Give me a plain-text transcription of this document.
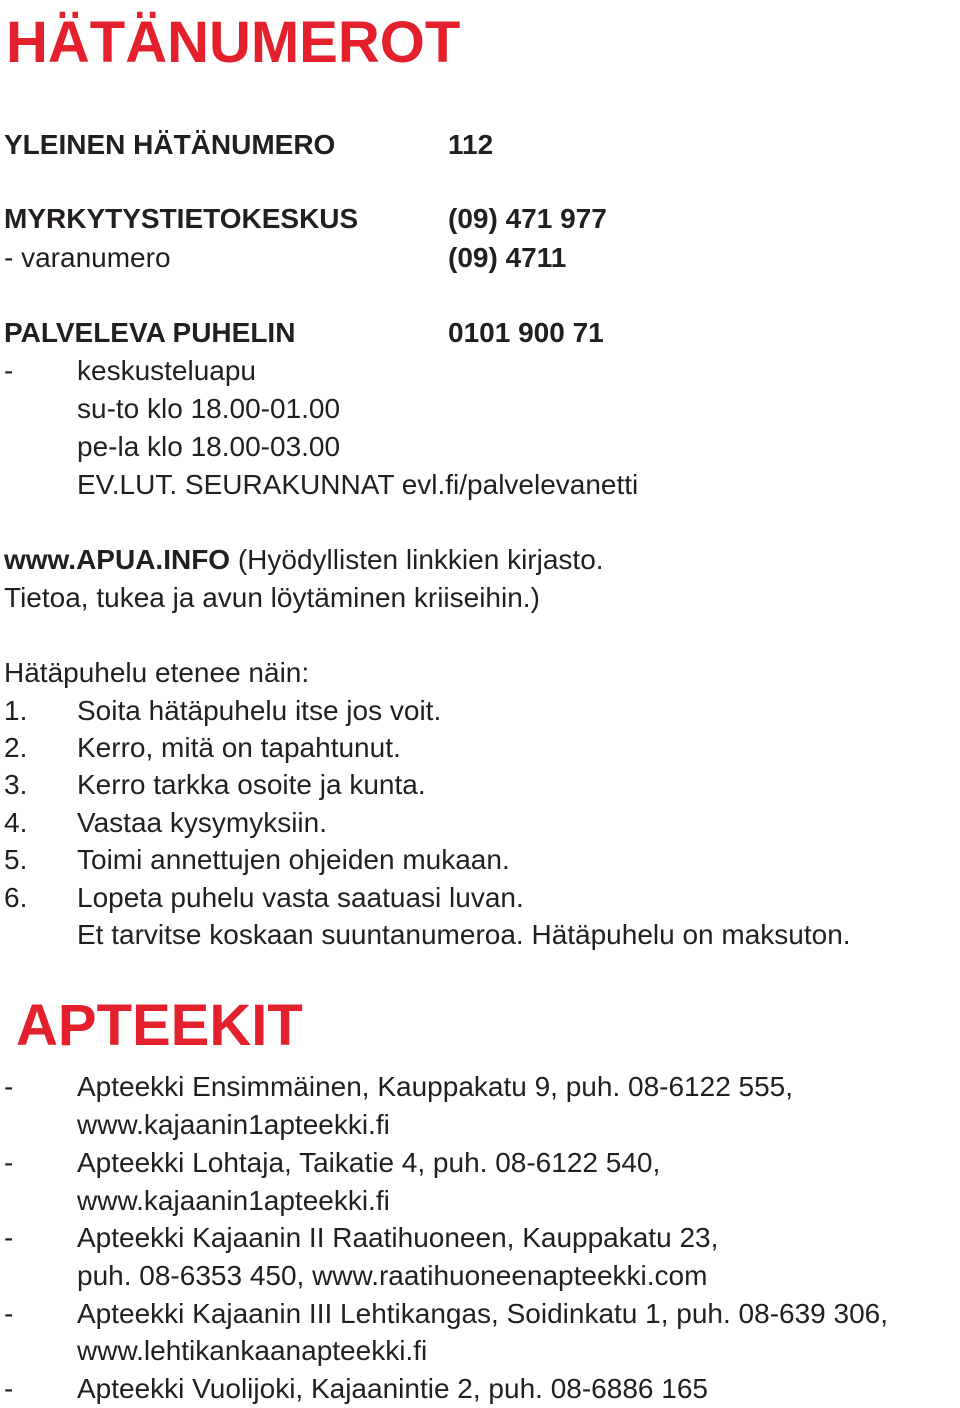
HÄTÄNUMEROT
YLEINEN HÄTÄNUMERO	112
MYRKYTYSTIETOKESKUS	(09) 471 977
- varanumero	(09) 4711
PALVELEVA PUHELIN	0101 900 71
- keskusteluapu
su-to klo 18.00-01.00
pe-la klo 18.00-03.00
EV.LUT. SEURAKUNNAT evl.fi/palvelevanetti
www.APUA.INFO (Hyödyllisten linkkien kirjasto.
Tietoa, tukea ja avun löytäminen kriiseihin.)
Hätäpuhelu etenee näin:
1. Soita hätäpuhelu itse jos voit.
2. Kerro, mitä on tapahtunut.
3. Kerro tarkka osoite ja kunta.
4. Vastaa kysymyksiin.
5. Toimi annettujen ohjeiden mukaan.
6. Lopeta puhelu vasta saatuasi luvan.
Et tarvitse koskaan suuntanumeroa. Hätäpuhelu on maksuton.
APTEEKIT
- Apteekki Ensimmäinen, Kauppakatu 9, puh. 08-6122 555,
www.kajaanin1apteekki.fi
- Apteekki Lohtaja, Taikatie 4, puh. 08-6122 540,
www.kajaanin1apteekki.fi
- Apteekki Kajaanin II Raatihuoneen, Kauppakatu 23,
puh. 08-6353 450, www.raatihuoneenapteekki.com
- Apteekki Kajaanin III Lehtikangas, Soidinkatu 1, puh. 08-639 306,
www.lehtikankaanapteekki.fi
- Apteekki Vuolijoki, Kajaanintie 2, puh. 08-6886 165
